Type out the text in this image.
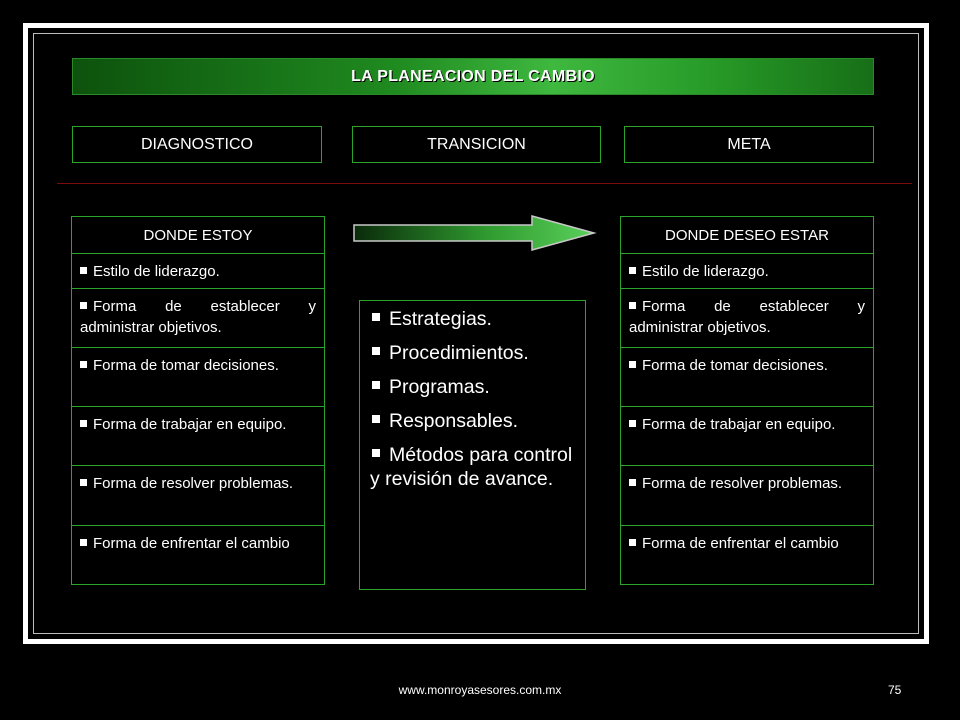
LA PLANEACION DEL CAMBIO
DIAGNOSTICO	TRANSICION	META
DONDE ESTOY
Estilo de liderazgo.
Forma de establecer y administrar objetivos.
Forma de tomar decisiones.
Forma de trabajar en equipo.
Forma de resolver problemas.
Forma de enfrentar el cambio
Estrategias.
Procedimientos.
Programas.
Responsables.
Métodos para control y revisión de avance.
DONDE DESEO ESTAR
Estilo de liderazgo.
Forma de establecer y administrar objetivos.
Forma de tomar decisiones.
Forma de trabajar en equipo.
Forma de resolver problemas.
Forma de enfrentar el cambio
www.monroyasesores.com.mx	75
